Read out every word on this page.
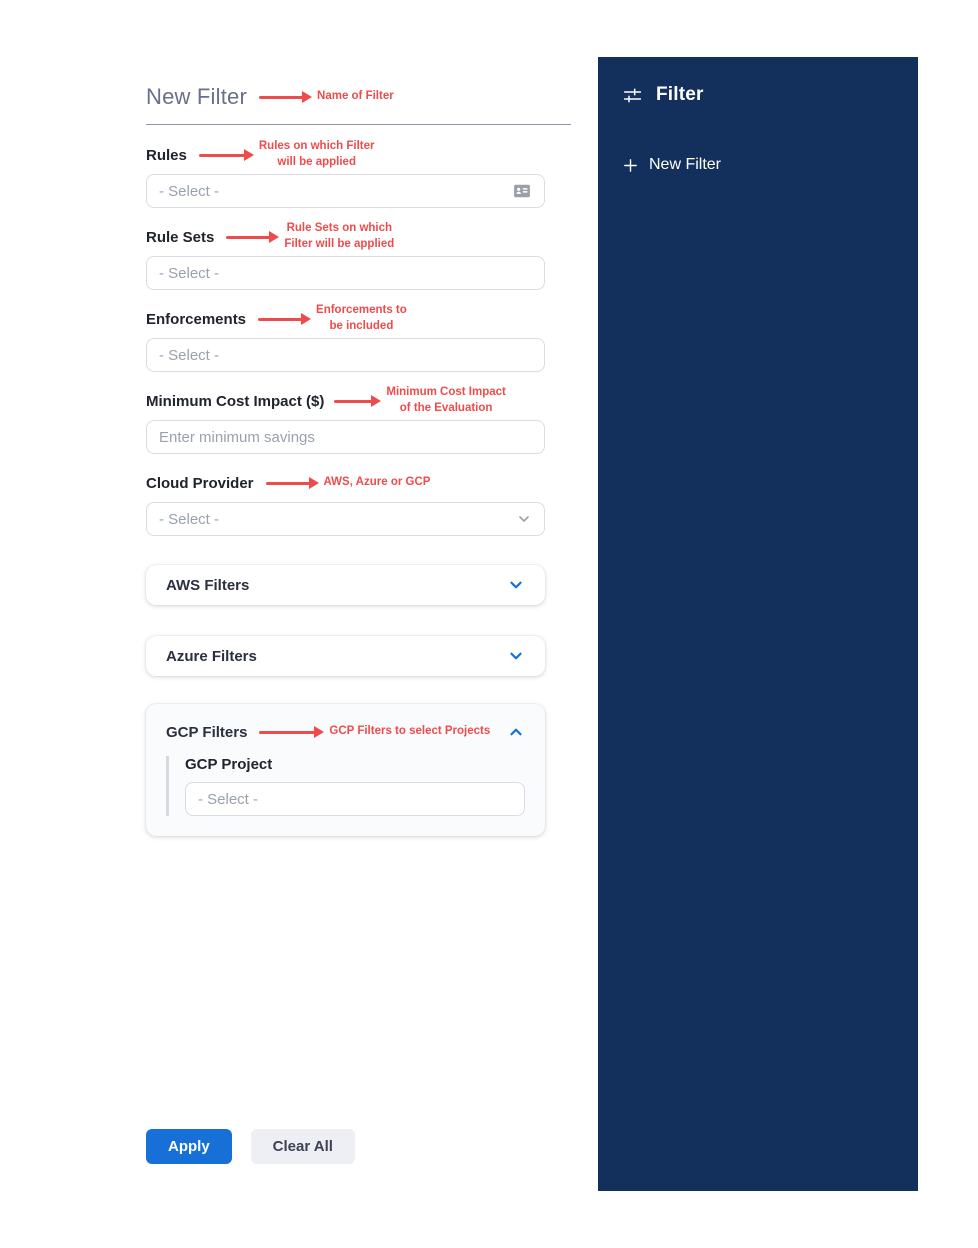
New Filter	Name of Filter
Rules
Rules on which Filter
will be applied
- Select -
Rule Sets
Rule Sets on which
Filter will be applied
- Select -
Enforcements
Enforcements to
be included
- Select -
Minimum Cost Impact ($)
Minimum Cost Impact
of the Evaluation
Enter minimum savings
Cloud Provider	AWS, Azure or GCP
- Select -
AWS Filters
Azure Filters
GCP Filters	GCP Filters to select Projects
GCP Project
- Select -
Apply	Clear All
Filter
New Filter
